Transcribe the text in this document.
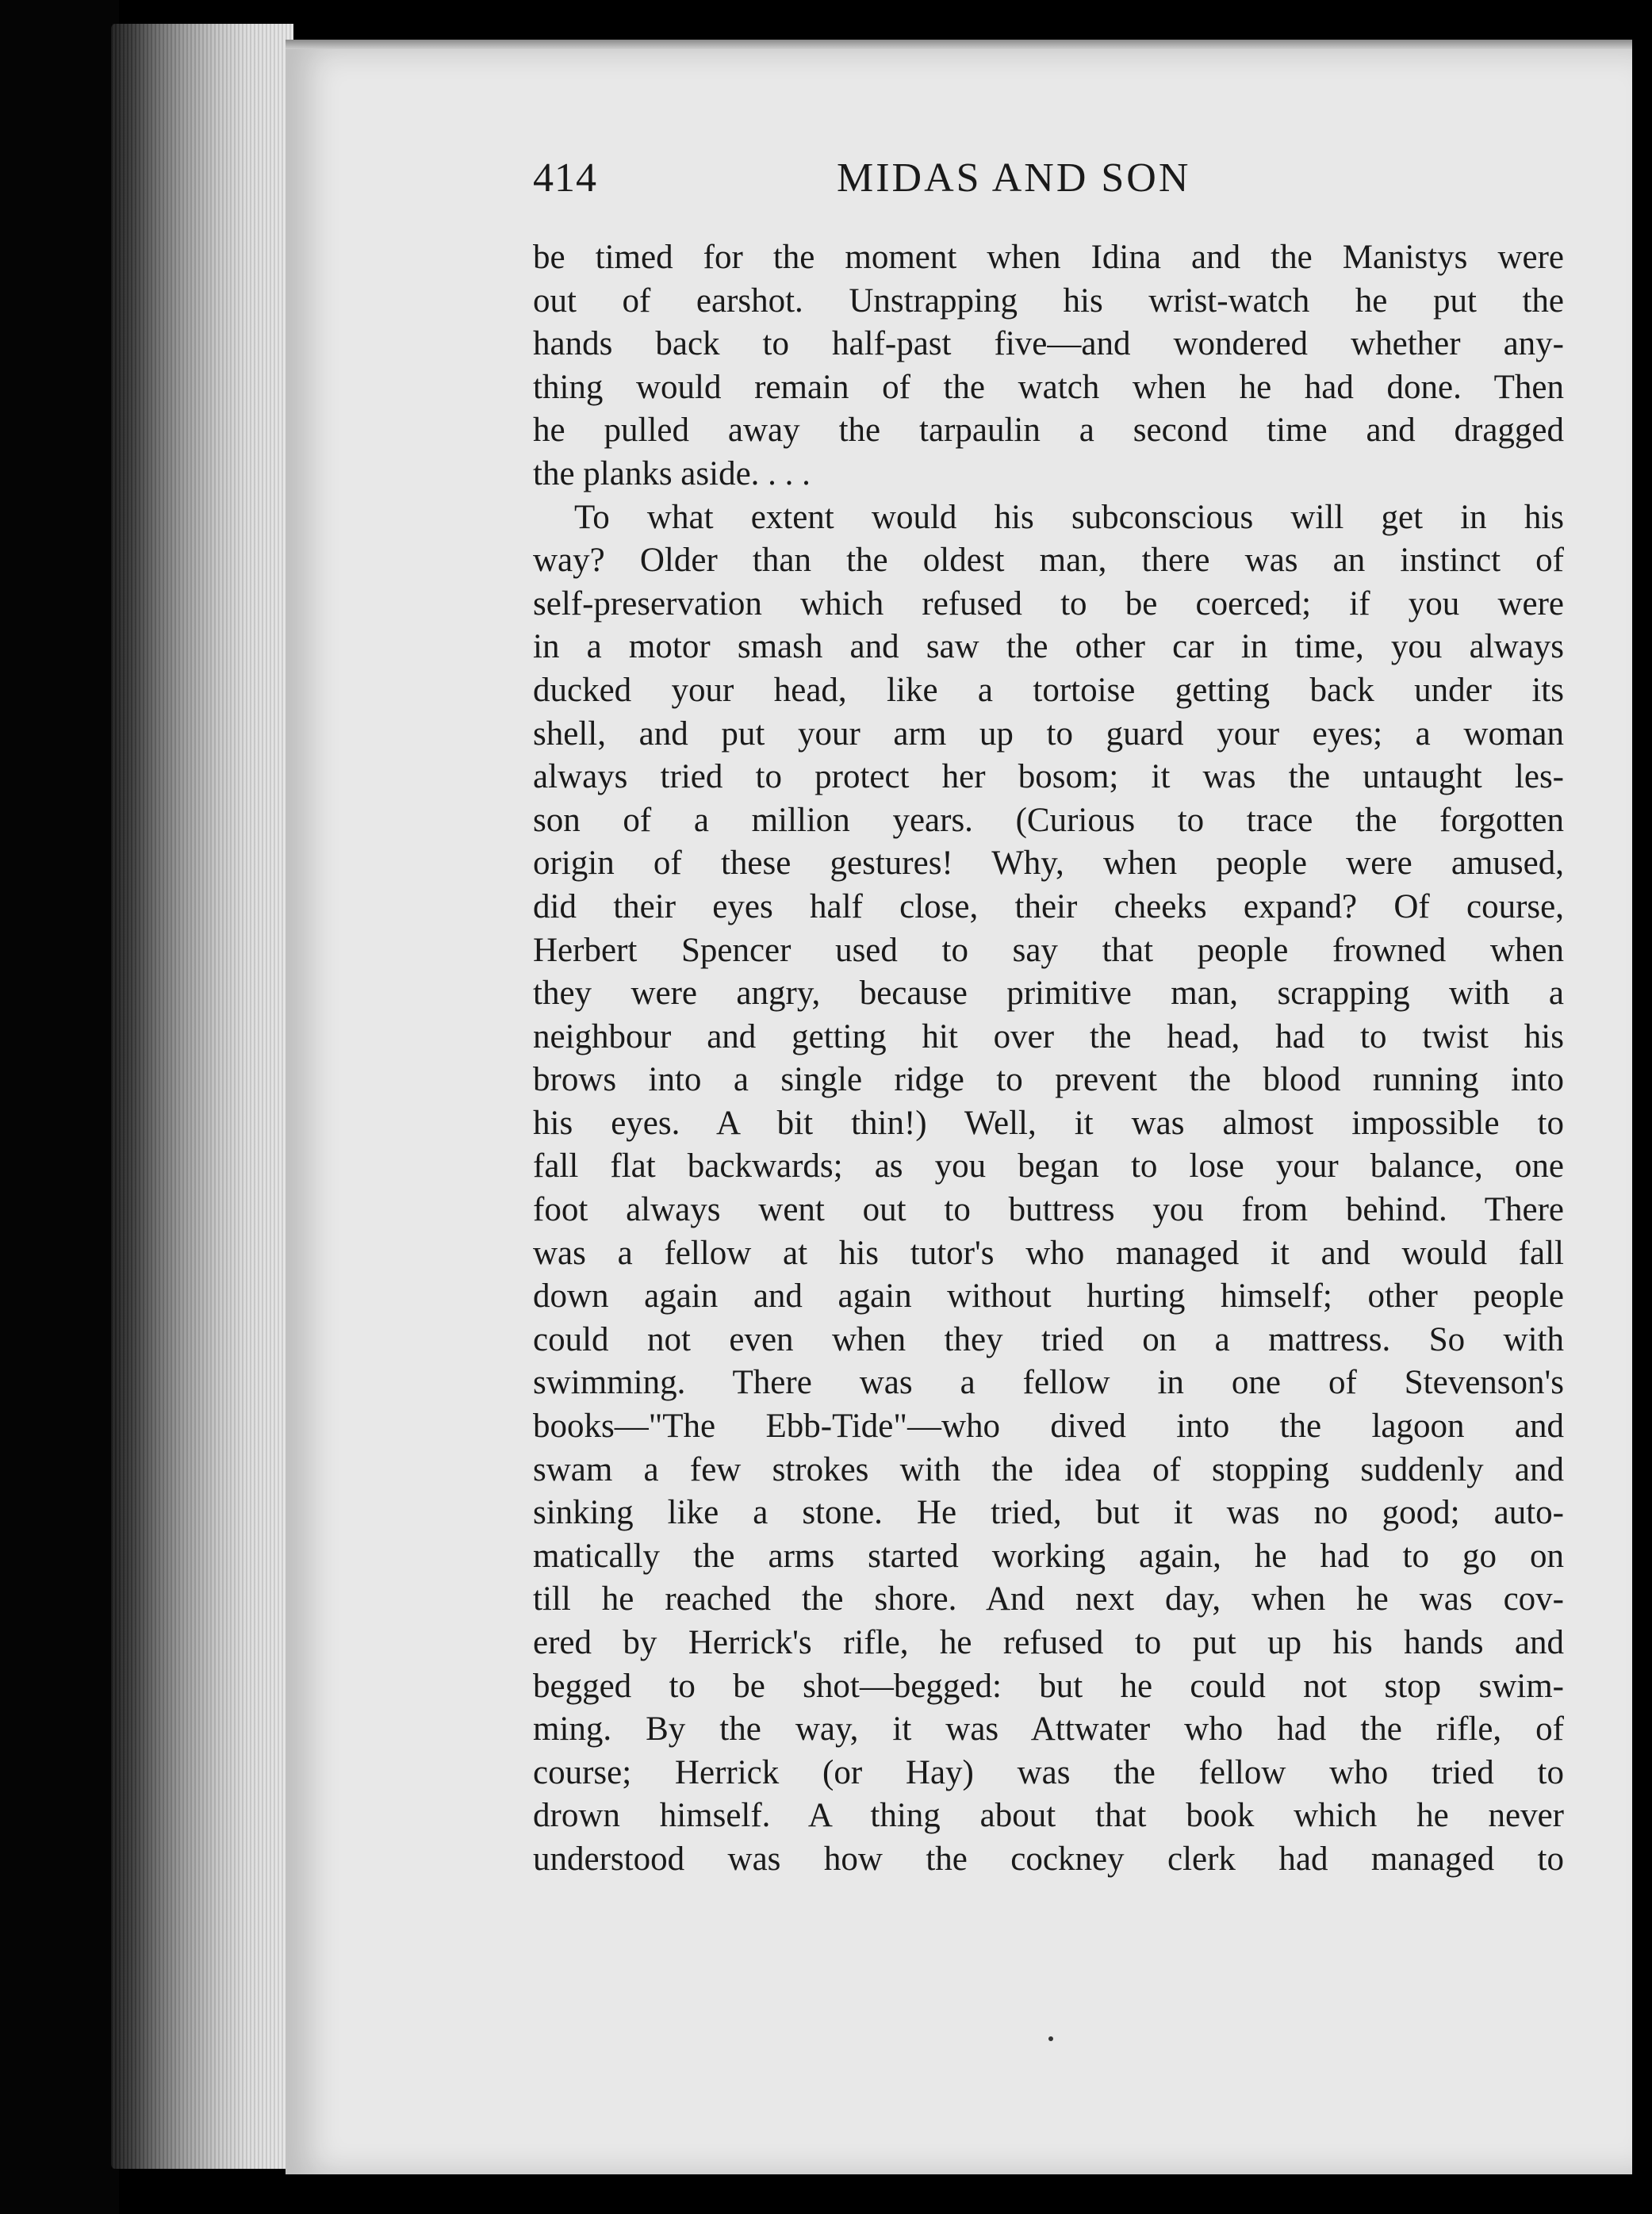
414	MIDAS AND SON
be timed for the moment when Idina and the Manistys were
out of earshot. Unstrapping his wrist-watch he put the
hands back to half-past five—and wondered whether any-
thing would remain of the watch when he had done. Then
he pulled away the tarpaulin a second time and dragged
the planks aside. . . .
To what extent would his subconscious will get in his
way? Older than the oldest man, there was an instinct of
self-preservation which refused to be coerced; if you were
in a motor smash and saw the other car in time, you always
ducked your head, like a tortoise getting back under its
shell, and put your arm up to guard your eyes; a woman
always tried to protect her bosom; it was the untaught les-
son of a million years. (Curious to trace the forgotten
origin of these gestures! Why, when people were amused,
did their eyes half close, their cheeks expand? Of course,
Herbert Spencer used to say that people frowned when
they were angry, because primitive man, scrapping with a
neighbour and getting hit over the head, had to twist his
brows into a single ridge to prevent the blood running into
his eyes. A bit thin!) Well, it was almost impossible to
fall flat backwards; as you began to lose your balance, one
foot always went out to buttress you from behind. There
was a fellow at his tutor's who managed it and would fall
down again and again without hurting himself; other people
could not even when they tried on a mattress. So with
swimming. There was a fellow in one of Stevenson's
books—"The Ebb-Tide"—who dived into the lagoon and
swam a few strokes with the idea of stopping suddenly and
sinking like a stone. He tried, but it was no good; auto-
matically the arms started working again, he had to go on
till he reached the shore. And next day, when he was cov-
ered by Herrick's rifle, he refused to put up his hands and
begged to be shot—begged: but he could not stop swim-
ming. By the way, it was Attwater who had the rifle, of
course; Herrick (or Hay) was the fellow who tried to
drown himself. A thing about that book which he never
understood was how the cockney clerk had managed to
